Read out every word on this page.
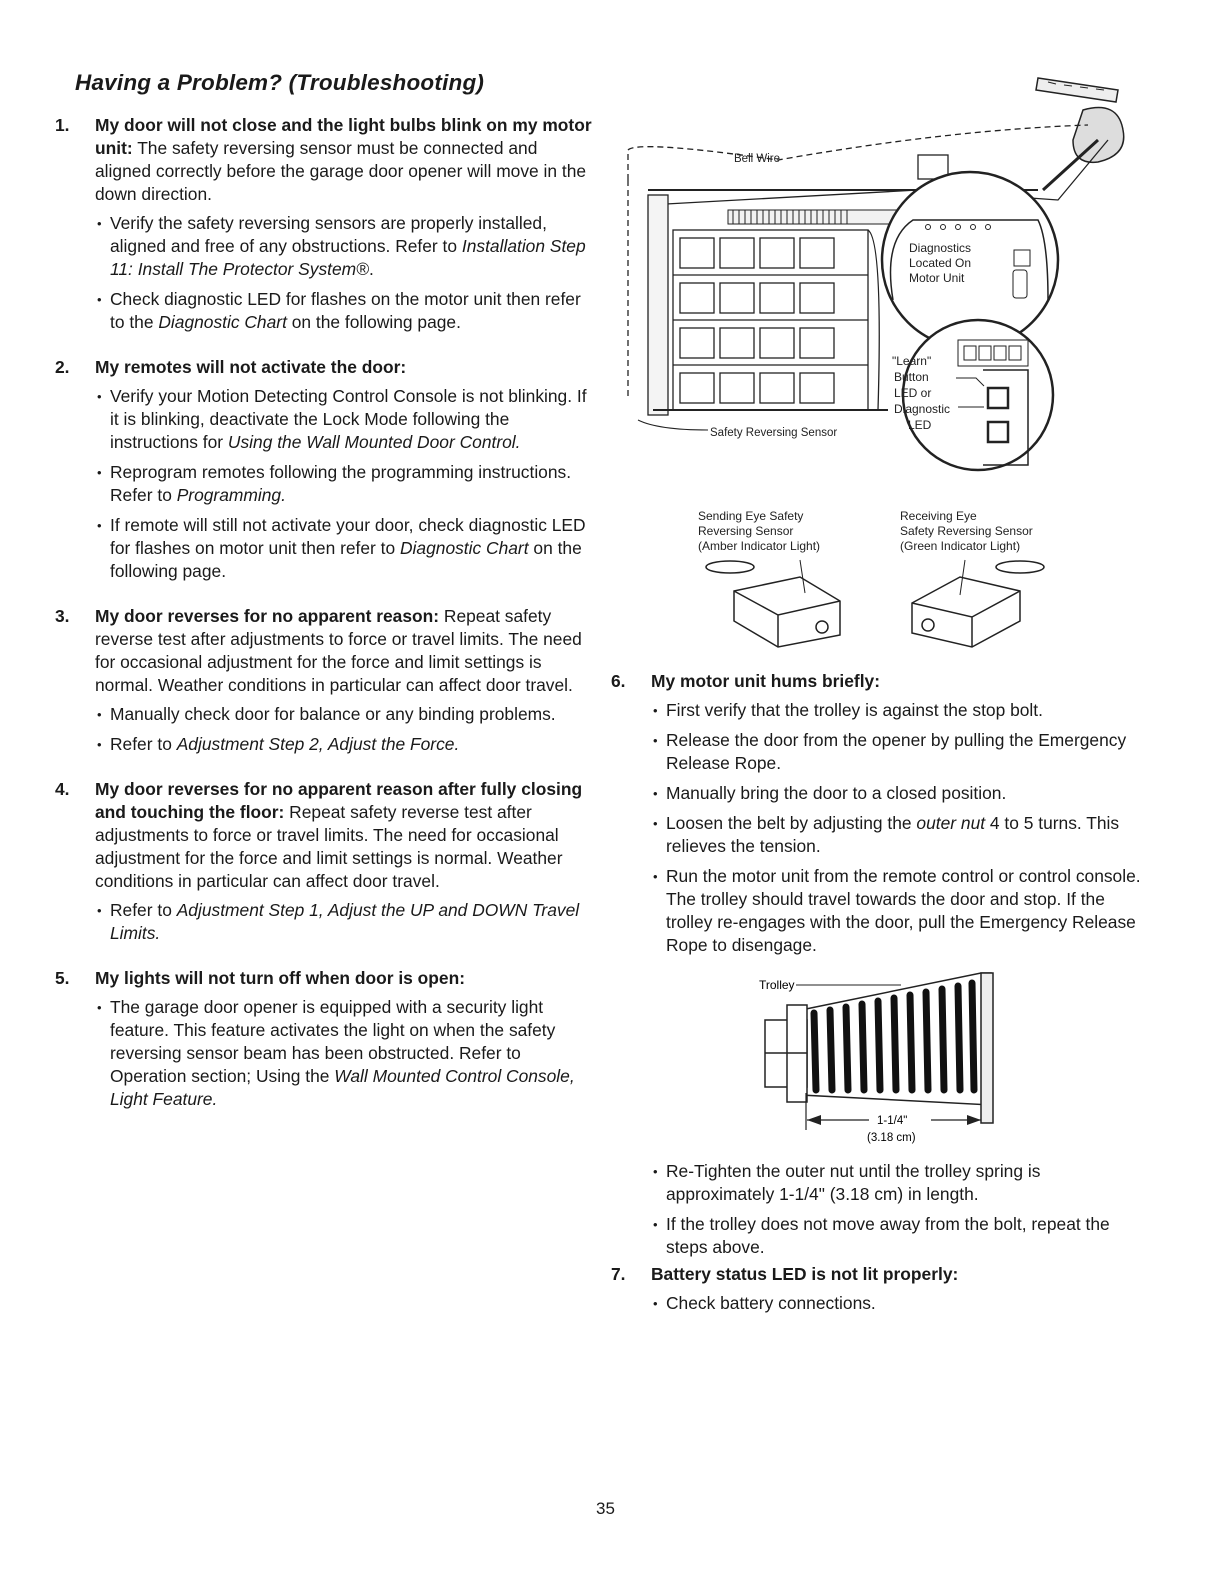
Having a Problem? (Troubleshooting)

1. My door will not close and the light bulbs blink on my motor unit: The safety reversing sensor must be connected and aligned correctly before the garage door opener will move in the down direction.

• Verify the safety reversing sensors are properly installed, aligned and free of any obstructions. Refer to Installation Step 11: Install The Protector System®.
• Check diagnostic LED for flashes on the motor unit then refer to the Diagnostic Chart on the following page.

2. My remotes will not activate the door:

• Verify your Motion Detecting Control Console is not blinking. If it is blinking, deactivate the Lock Mode following the instructions for Using the Wall Mounted Door Control.
• Reprogram remotes following the programming instructions. Refer to Programming.
• If remote will still not activate your door, check diagnostic LED for flashes on motor unit then refer to Diagnostic Chart on the following page.

3. My door reverses for no apparent reason: Repeat safety reverse test after adjustments to force or travel limits. The need for occasional adjustment for the force and limit settings is normal. Weather conditions in particular can affect door travel.

• Manually check door for balance or any binding problems.
• Refer to Adjustment Step 2, Adjust the Force.

4. My door reverses for no apparent reason after fully closing and touching the floor: Repeat safety reverse test after adjustments to force or travel limits. The need for occasional adjustment for the force and limit settings is normal. Weather conditions in particular can affect door travel.

• Refer to Adjustment Step 1, Adjust the UP and DOWN Travel Limits.

5. My lights will not turn off when door is open:

• The garage door opener is equipped with a security light feature. This feature activates the light on when the safety reversing sensor beam has been obstructed. Refer to Operation section; Using the Wall Mounted Control Console, Light Feature.
Bell Wire
Safety Reversing Sensor
Diagnostics
Located On
Motor Unit
"Learn"
Button
LED or
Diagnostic
LED
Sending Eye Safety
Reversing Sensor
(Amber Indicator Light)
Receiving Eye
Safety Reversing Sensor
(Green Indicator Light)

6. My motor unit hums briefly:

• First verify that the trolley is against the stop bolt.
• Release the door from the opener by pulling the Emergency Release Rope.
• Manually bring the door to a closed position.
• Loosen the belt by adjusting the outer nut 4 to 5 turns. This relieves the tension.
• Run the motor unit from the remote control or control console. The trolley should travel towards the door and stop. If the trolley re-engages with the door, pull the Emergency Release Rope to disengage.
Trolley
1-1/4"
(3.18 cm)
• Re-Tighten the outer nut until the trolley spring is approximately 1-1/4" (3.18 cm) in length.
• If the trolley does not move away from the bolt, repeat the steps above.

7. Battery status LED is not lit properly:

• Check battery connections.
35
